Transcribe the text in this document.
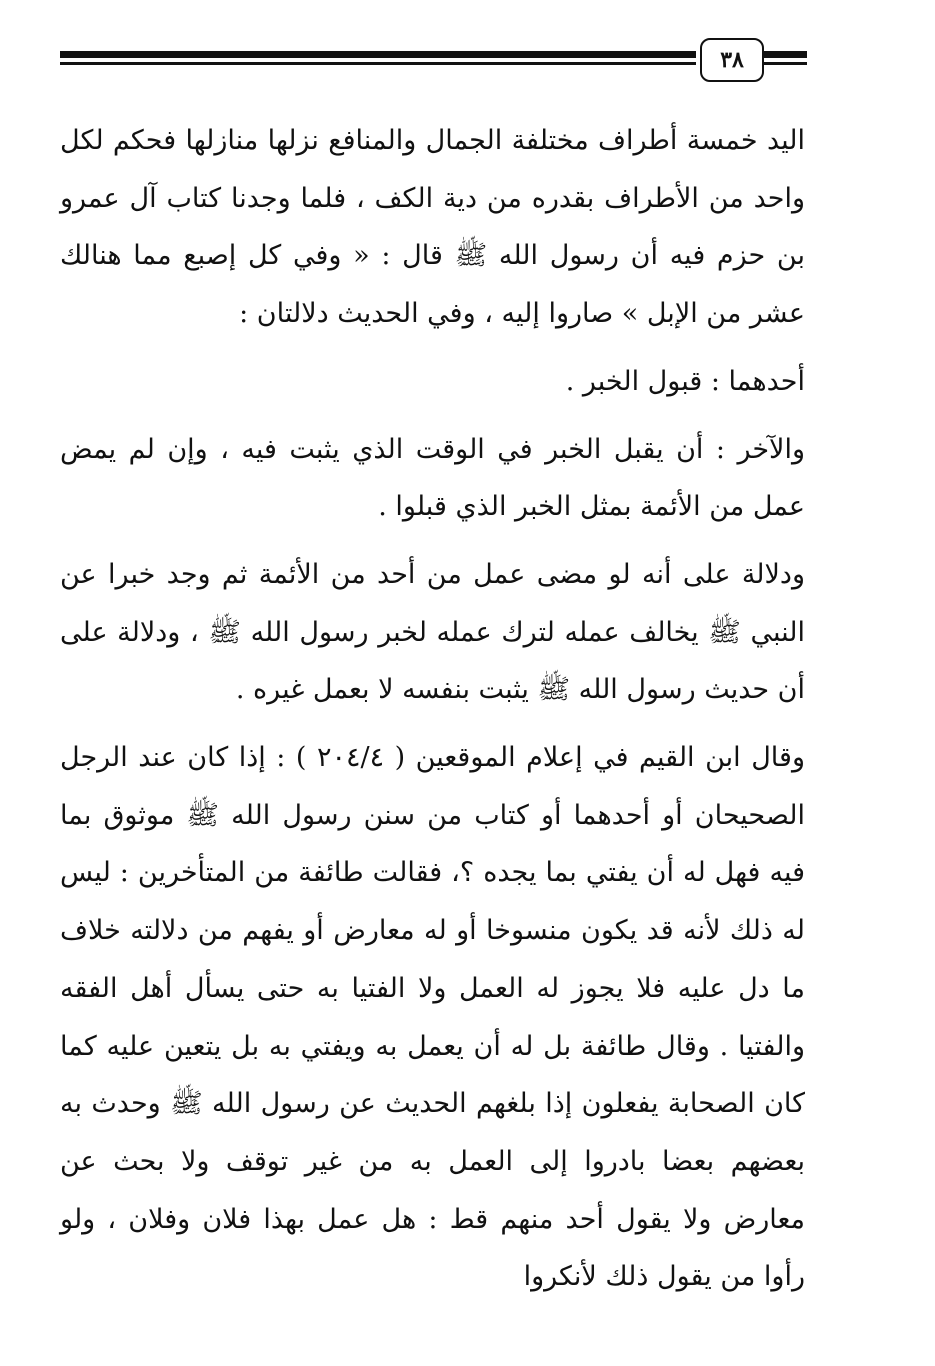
٣٨

اليد خمسة أطراف مختلفة الجمال والمنافع نزلها منازلها فحكم لكل واحد من الأطراف بقدره من دية الكف ، فلما وجدنا كتاب آل عمرو بن حزم فيه أن رسول الله ﷺ قال : « وفي كل إصبع مما هنالك عشر من الإبل » صاروا إليه ، وفي الحديث دلالتان :

أحدهما : قبول الخبر .

والآخر : أن يقبل الخبر في الوقت الذي يثبت فيه ، وإن لم يمض عمل من الأئمة بمثل الخبر الذي قبلوا .

ودلالة على أنه لو مضى عمل من أحد من الأئمة ثم وجد خبرا عن النبي ﷺ يخالف عمله لترك عمله لخبر رسول الله ﷺ ، ودلالة على أن حديث رسول الله ﷺ يثبت بنفسه لا بعمل غيره .

وقال ابن القيم في إعلام الموقعين ( ٢٠٤/٤ ) : إذا كان عند الرجل الصحيحان أو أحدهما أو كتاب من سنن رسول الله ﷺ موثوق بما فيه فهل له أن يفتي بما يجده ؟، فقالت طائفة من المتأخرين : ليس له ذلك لأنه قد يكون منسوخا أو له معارض أو يفهم من دلالته خلاف ما دل عليه فلا يجوز له العمل ولا الفتيا به حتى يسأل أهل الفقه والفتيا . وقال طائفة بل له أن يعمل به ويفتي به بل يتعين عليه كما كان الصحابة يفعلون إذا بلغهم الحديث عن رسول الله ﷺ وحدث به بعضهم بعضا بادروا إلى العمل به من غير توقف ولا بحث عن معارض ولا يقول أحد منهم قط : هل عمل بهذا فلان وفلان ، ولو رأوا من يقول ذلك لأنكروا
